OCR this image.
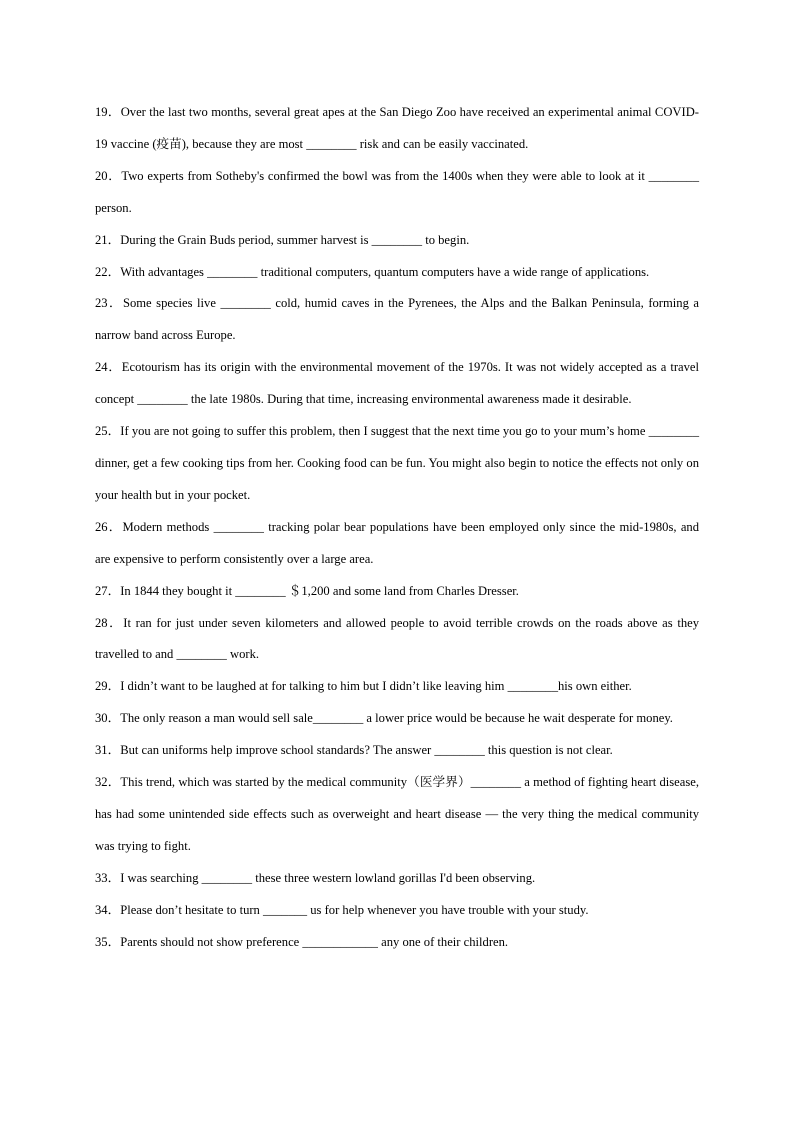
19．Over the last two months, several great apes at the San Diego Zoo have received an experimental animal COVID-19 vaccine (疫苗), because they are most ________ risk and can be easily vaccinated.

20．Two experts from Sotheby's confirmed the bowl was from the 1400s when they were able to look at it ________ person.

21．During the Grain Buds period, summer harvest is ________ to begin.

22．With advantages ________ traditional computers, quantum computers have a wide range of applications.

23．Some species live ________ cold, humid caves in the Pyrenees, the Alps and the Balkan Peninsula, forming a narrow band across Europe.

24．Ecotourism has its origin with the environmental movement of the 1970s. It was not widely accepted as a travel concept ________ the late 1980s. During that time, increasing environmental awareness made it desirable.

25．If you are not going to suffer this problem, then I suggest that the next time you go to your mum’s home ________ dinner, get a few cooking tips from her. Cooking food can be fun. You might also begin to notice the effects not only on your health but in your pocket.

26．Modern methods ________ tracking polar bear populations have been employed only since the mid-1980s, and are expensive to perform consistently over a large area.

27．In 1844 they bought it ________ ＄1,200 and some land from Charles Dresser.

28．It ran for just under seven kilometers and allowed people to avoid terrible crowds on the roads above as they travelled to and ________ work.

29．I didn’t want to be laughed at for talking to him but I didn’t like leaving him ________his own either.

30．The only reason a man would sell sale________ a lower price would be because he wait desperate for money.

31．But can uniforms help improve school standards? The answer ________ this question is not clear.

32．This trend, which was started by the medical community（医学界）________ a method of fighting heart disease, has had some unintended side effects such as overweight and heart disease — the very thing the medical community was trying to fight.

33．I was searching ________ these three western lowland gorillas I'd been observing.

34．Please don’t hesitate to turn _______ us for help whenever you have trouble with your study.

35．Parents should not show preference ____________ any one of their children.
